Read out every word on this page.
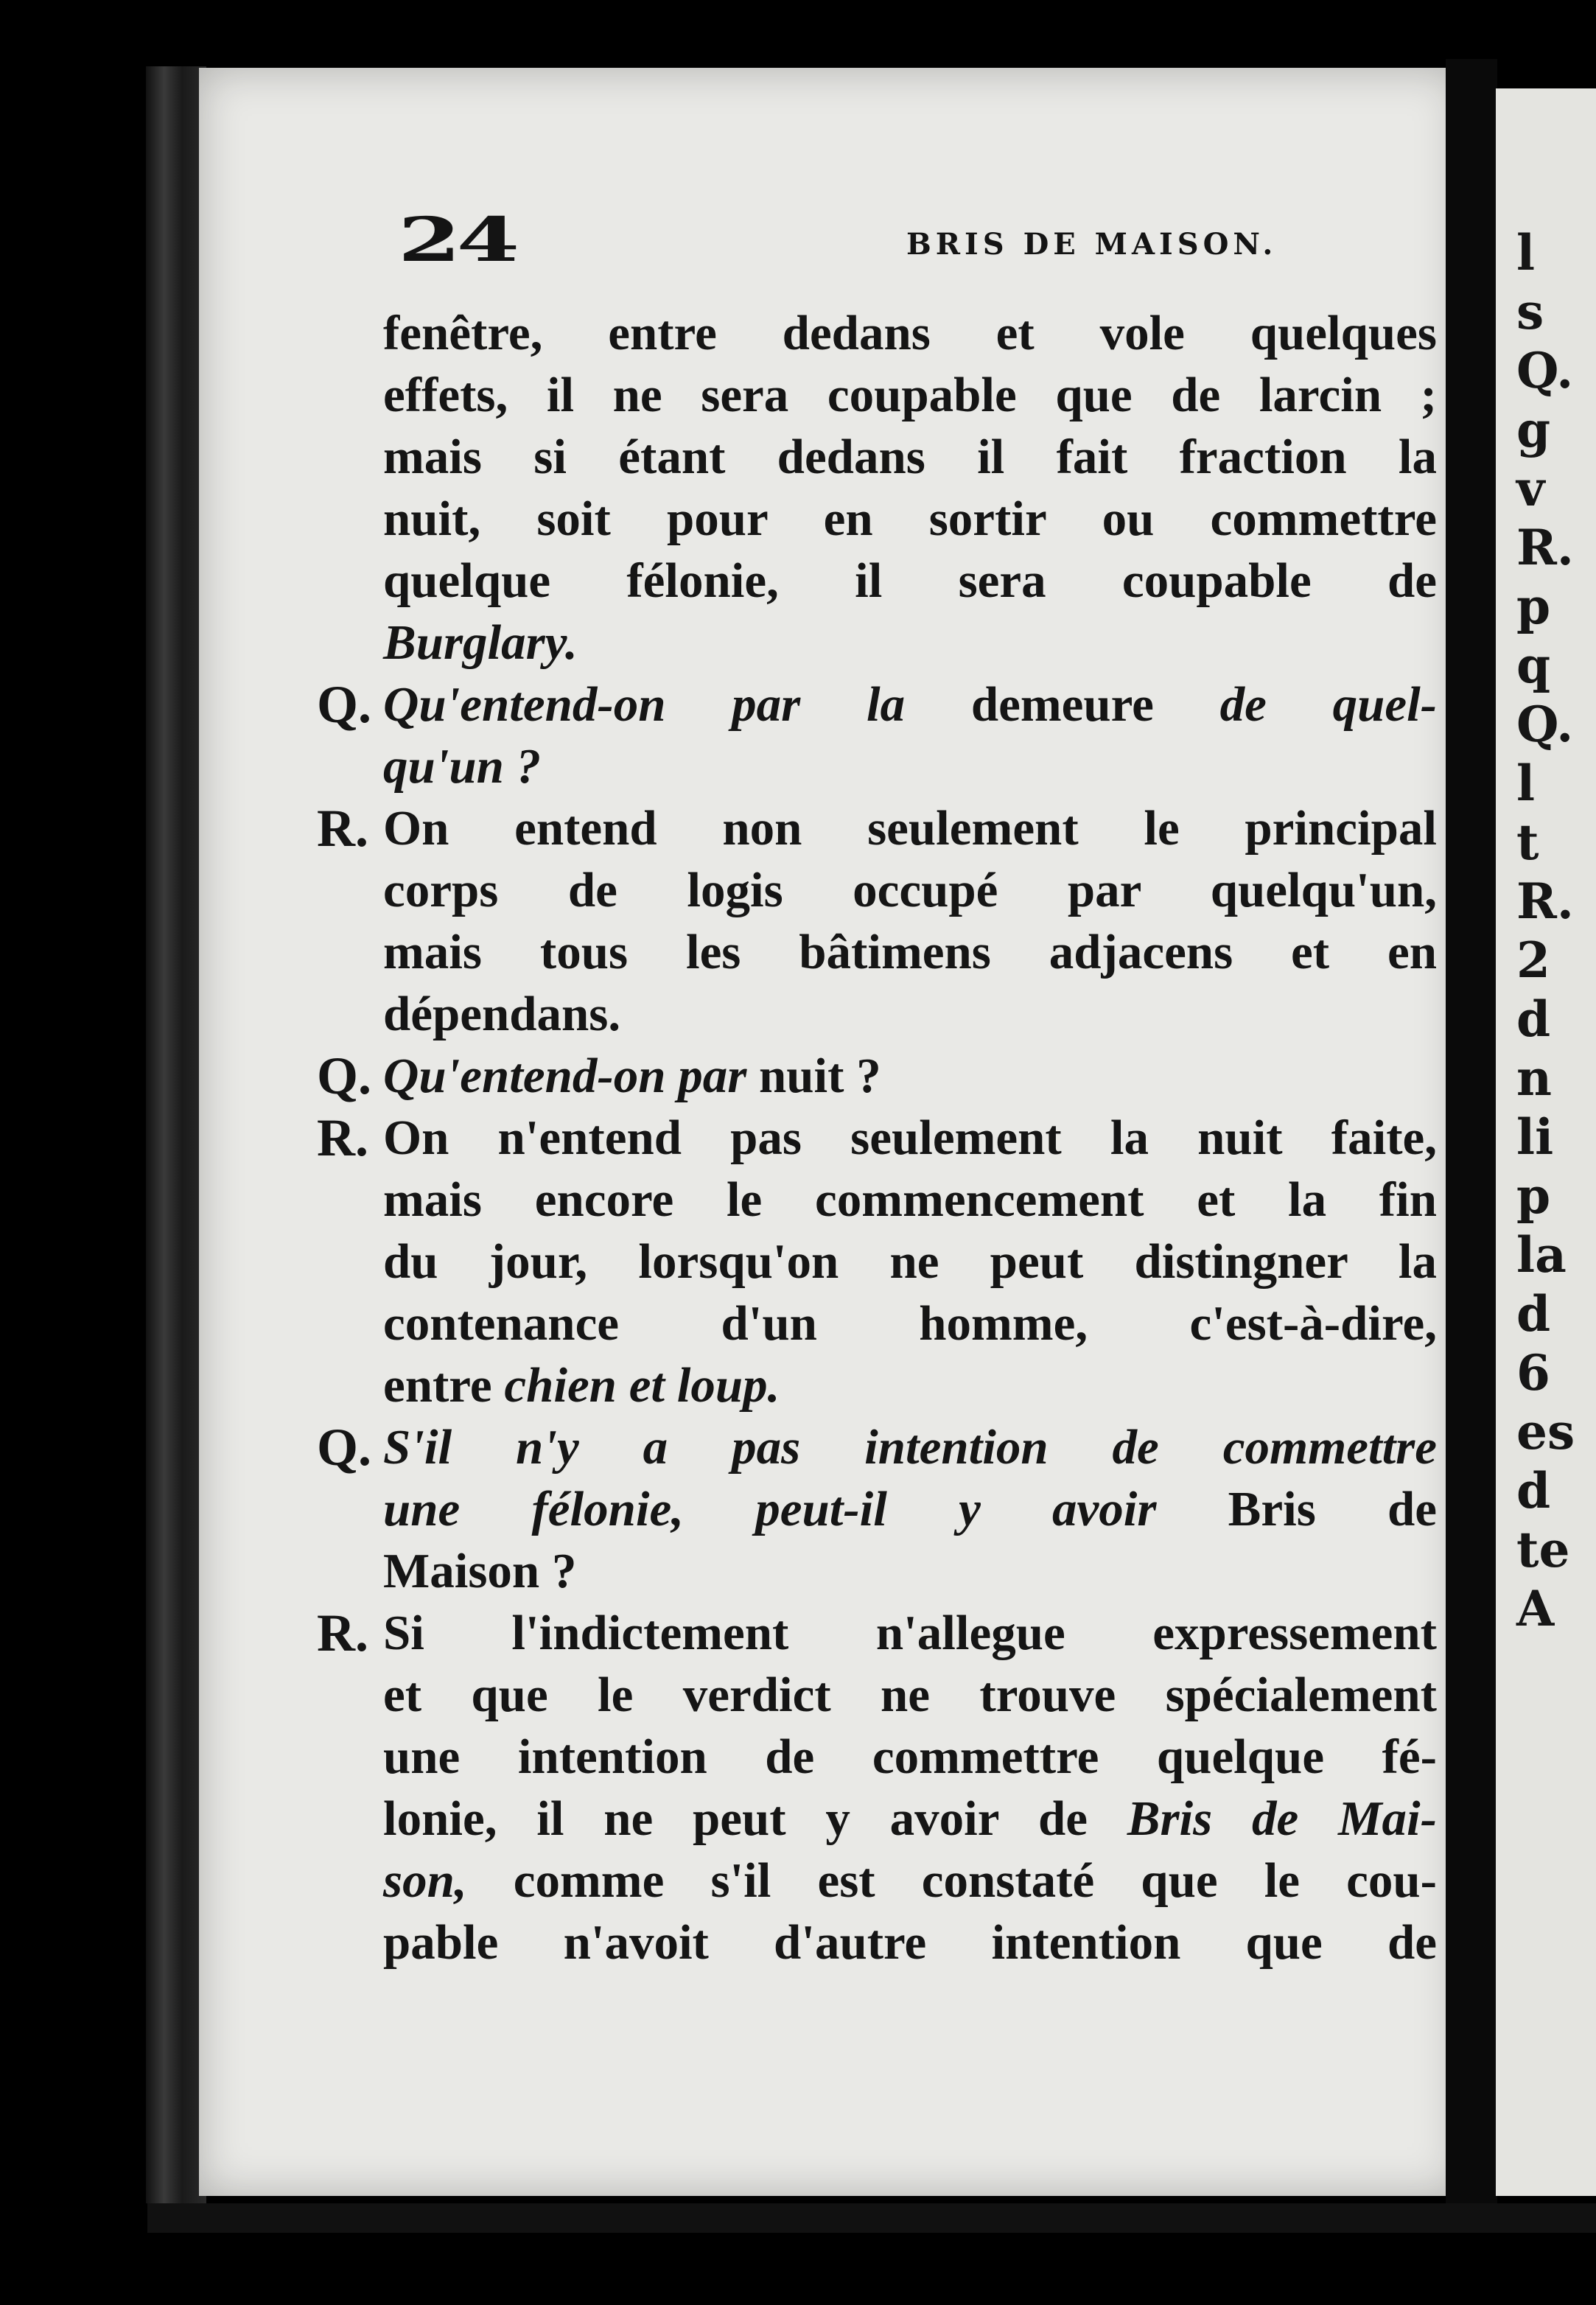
l
s
Q.
g
v
R.
p
q
Q.
l
t
R.
2
d
n
li
p
la
d
6
es
d
te
A
24	BRIS DE MAISON.
fenêtre, entre dedans et vole quelques
effets, il ne sera coupable que de larcin ;
mais si étant dedans il fait fraction la
nuit, soit pour en sortir ou commettre
quelque félonie, il sera coupable de
Burglary.
Q. Qu'entend-on par la demeure de quel-
qu'un ?
R. On entend non seulement le principal
corps de logis occupé par quelqu'un,
mais tous les bâtimens adjacens et en
dépendans.
Q. Qu'entend-on par nuit ?
R. On n'entend pas seulement la nuit faite,
mais encore le commencement et la fin
du jour, lorsqu'on ne peut distingner la
contenance d'un homme, c'est-à-dire,
entre chien et loup.
Q. S'il n'y a pas intention de commettre
une félonie, peut-il y avoir Bris de
Maison ?
R. Si l'indictement n'allegue expressement
et que le verdict ne trouve spécialement
une intention de commettre quelque fé-
lonie, il ne peut y avoir de Bris de Mai-
son, comme s'il est constaté que le cou-
pable n'avoit d'autre intention que de
